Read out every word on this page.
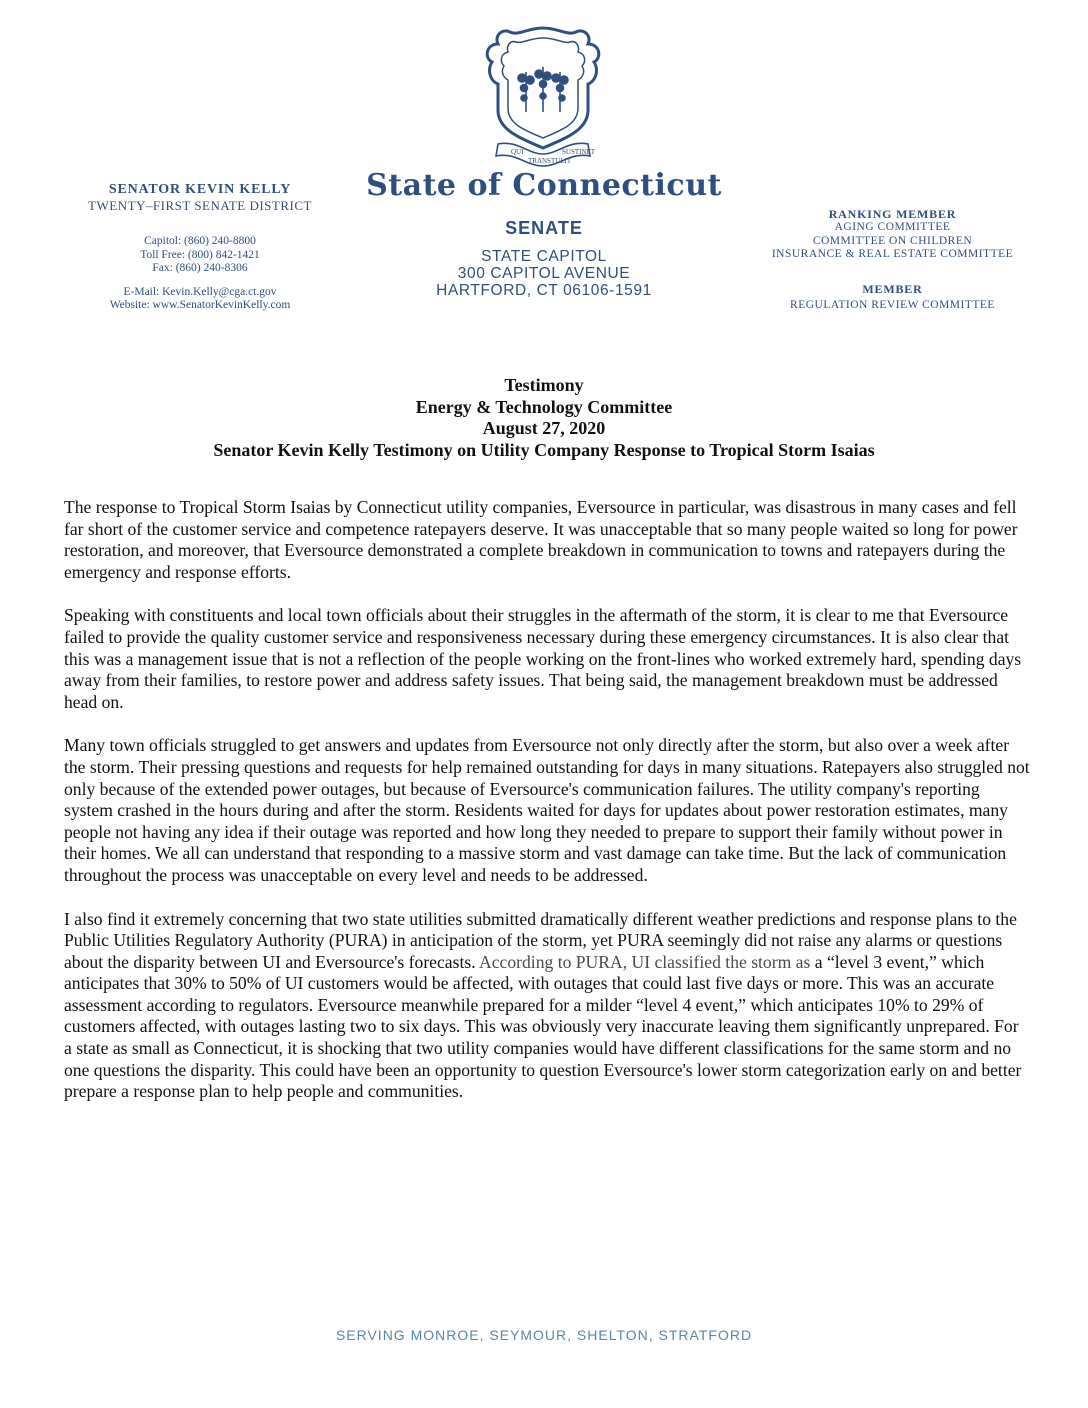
QUI
TRANSTULIT
SUSTINET
State of Connecticut
SENATE
STATE CAPITOL
300 CAPITOL AVENUE
HARTFORD, CT 06106-1591
SENATOR KEVIN KELLY
TWENTY–FIRST SENATE DISTRICT
Capitol: (860) 240-8800
Toll Free: (800) 842-1421
Fax: (860) 240-8306
E-Mail: Kevin.Kelly@cga.ct.gov
Website: www.SenatorKevinKelly.com
RANKING MEMBER
AGING COMMITTEE
COMMITTEE ON CHILDREN
INSURANCE & REAL ESTATE COMMITTEE
MEMBER
REGULATION REVIEW COMMITTEE
Testimony
Energy & Technology Committee
August 27, 2020
Senator Kevin Kelly Testimony on Utility Company Response to Tropical Storm Isaias

The response to Tropical Storm Isaias by Connecticut utility companies, Eversource in particular, was disastrous in many cases and fell far short of the customer service and competence ratepayers deserve. It was unacceptable that so many people waited so long for power restoration, and moreover, that Eversource demonstrated a complete breakdown in communication to towns and ratepayers during the emergency and response efforts.

Speaking with constituents and local town officials about their struggles in the aftermath of the storm, it is clear to me that Eversource failed to provide the quality customer service and responsiveness necessary during these emergency circumstances. It is also clear that this was a management issue that is not a reflection of the people working on the front-lines who worked extremely hard, spending days away from their families, to restore power and address safety issues. That being said, the management breakdown must be addressed head on.

Many town officials struggled to get answers and updates from Eversource not only directly after the storm, but also over a week after the storm. Their pressing questions and requests for help remained outstanding for days in many situations. Ratepayers also struggled not only because of the extended power outages, but because of Eversource's communication failures. The utility company's reporting system crashed in the hours during and after the storm. Residents waited for days for updates about power restoration estimates, many people not having any idea if their outage was reported and how long they needed to prepare to support their family without power in their homes. We all can understand that responding to a massive storm and vast damage can take time. But the lack of communication throughout the process was unacceptable on every level and needs to be addressed.

I also find it extremely concerning that two state utilities submitted dramatically different weather predictions and response plans to the Public Utilities Regulatory Authority (PURA) in anticipation of the storm, yet PURA seemingly did not raise any alarms or questions about the disparity between UI and Eversource's forecasts. According to PURA, UI classified the storm as a “level 3 event,” which anticipates that 30% to 50% of UI customers would be affected, with outages that could last five days or more. This was an accurate assessment according to regulators. Eversource meanwhile prepared for a milder “level 4 event,” which anticipates 10% to 29% of customers affected, with outages lasting two to six days. This was obviously very inaccurate leaving them significantly unprepared. For a state as small as Connecticut, it is shocking that two utility companies would have different classifications for the same storm and no one questions the disparity. This could have been an opportunity to question Eversource's lower storm categorization early on and better prepare a response plan to help people and communities.

SERVING MONROE, SEYMOUR, SHELTON, STRATFORD
